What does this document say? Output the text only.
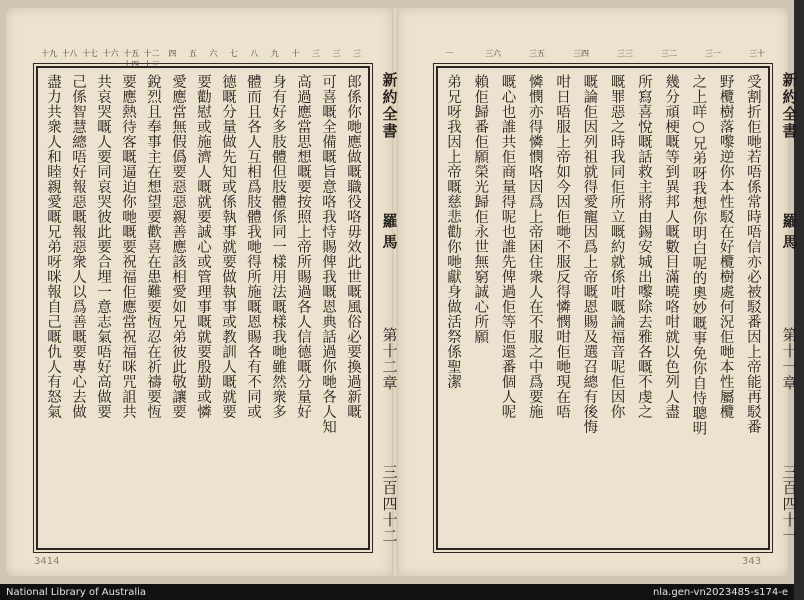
三
三
三
十
九
八
七
六
五
四
十二十三
十五十四
十六
十七
十八
十九
郎係你哋應做嘅職役咯毋效此世嘅風俗必要換過新嘅
可喜嘅全備嘅旨意咯我恃賜俾我嘅恩典話過你哋各人知
高過應當思想嘅要按照上帝所賜過各人信德嘅分量好
身有好多肢體但肢體係同一樣用法嘅樣我哋雖然衆多
體而且各人互相爲肢體我哋得所施嘅恩賜各有不同或
德嘅分量做先知或係執事就要做執事或教訓人嘅就要
要勸慰或施濟人嘅就要誠心或管理事嘅就要殷勤或憐
愛應當無假僞要惡惡親善應該相愛如兄弟彼此敬讓要
銳烈且奉事主在想望要歡喜在患難要恆忍在祈禱要恆
要應熱待客嘅逼迫你哋嘅要祝福佢應當祝福咪咒詛共
共哀哭嘅人要同哀哭彼此要合埋一意志氣唔好高做要
己係智慧總唔好報惡嘅報惡衆人以爲善嘅要專心去做
盡力共衆人和睦親愛嘅兄弟呀咪報自己嘅仇人有怒氣	新約全書
羅馬
第十二章
三百四十二
3414
三十
三一
三二
三三
三四
三五
三六
一
受割折佢哋若唔係常時唔信亦必被駁番因上帝能再駁番
野欖樹落嚟逆你本性駁在好欖樹處何況佢哋本性屬欖
之上咩○兄弟呀我想你明白呢的奧妙嘅事免你自恃聰明
幾分頑梗嘅等到異邦人嘅數目滿曉咯咁就以色列人盡
所寫喜悅嘅話救主將由錫安城出嚟除去雅各嘅不虔之
嘅罪惡之時我同佢所立嘅約就係咁嘅論福音呢佢因你
嘅論佢因列祖就得愛寵因爲上帝嘅恩賜及選召總有後悔
咁日唔服上帝如今因佢哋不服反得憐憫咁佢哋現在唔
憐憫亦得憐憫咯因爲上帝困住衆人在不服之中爲要施
嘅心也誰共佢商量得呢也誰先俾過佢等佢還番個人呢
賴佢歸番佢願榮光歸佢永世無窮誠心所願
弟兄呀我因上帝嘅慈悲勸你哋獻身做活祭係聖潔	新約全書
羅馬
第十一章
三百四十一
343
National Library of Australia	nla.gen-vn2023485-s174-e
